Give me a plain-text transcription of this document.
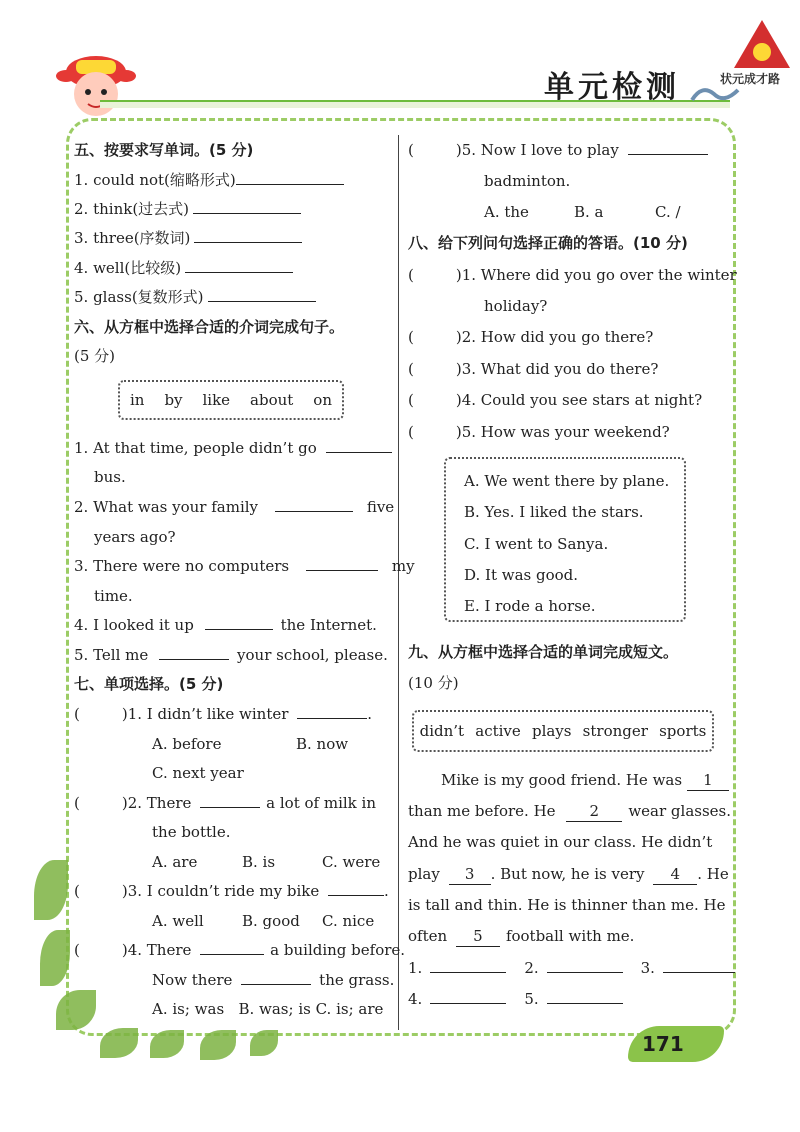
单元检测	状元成才路
五、按要求写单词。(5 分)
1. could not(缩略形式)
2. think(过去式)
3. three(序数词)
4. well(比较级)
5. glass(复数形式)
六、从方框中选择合适的介词完成句子。
(5 分)
in by like about on
1. At that time, people didn’t go
bus.
2. What was your family	five
years ago?
3. There were no computers	my
time.
4. I looked it up	the Internet.
5. Tell me	your school, please.
七、单项选择。(5 分)
(	)1. I didn’t like winter	.
A. before	B. now
C. next year
(	)2. There	a lot of milk in
the bottle.
A. are	B. is	C. were
(	)3. I couldn’t ride my bike	.
A. well	B. good C. nice
(	)4. There	a building before.
Now there	the grass.
A. is; was   B. was; is C. is; are
(	)5. Now I love to play
badminton.
A. the	B. a	C. /
八、给下列问句选择正确的答语。(10 分)
(	)1. Where did you go over the winter
holiday?
(	)2. How did you go there?
(	)3. What did you do there?
(	)4. Could you see stars at night?
(	)5. How was your weekend?
A. We went there by plane.
B. Yes. I liked the stars.
C. I went to Sanya.
D. It was good.
E. I rode a horse.
九、从方框中选择合适的单词完成短文。
(10 分)
didn’t active plays stronger sports
Mike is my good friend. He was 1
than me before. He 2 wear glasses.
And he was quiet in our class. He didn’t
play 3 . But now, he is very 4 . He
is tall and thin. He is thinner than me. He
often 5 football with me.
1.	2.	3.
4.	5.
171
